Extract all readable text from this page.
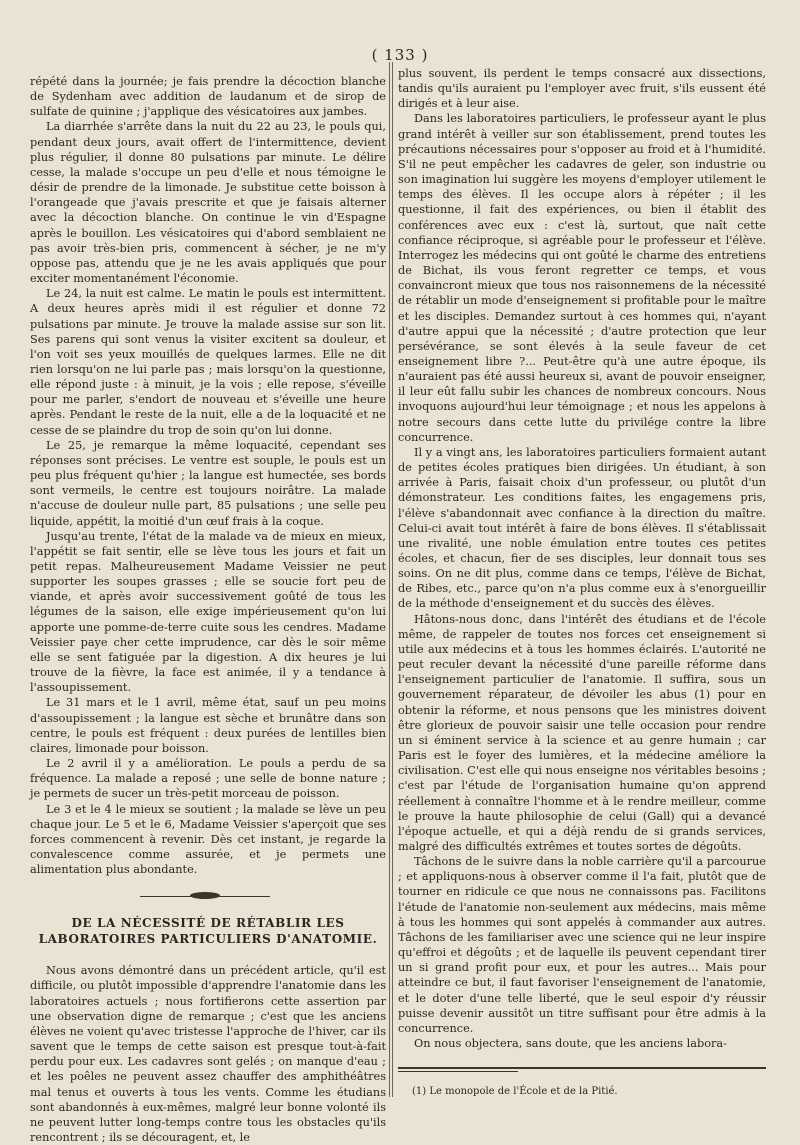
( 133 )

répété dans la journée; je fais prendre la décoction blanche de Sydenham avec addition de laudanum et de sirop de sulfate de quinine ; j'applique des vésicatoires aux jambes.

La diarrhée s'arrête dans la nuit du 22 au 23, le pouls qui, pendant deux jours, avait offert de l'intermittence, devient plus régulier, il donne 80 pulsations par minute. Le délire cesse, la malade s'occupe un peu d'elle et nous témoigne le désir de prendre de la limonade. Je substitue cette boisson à l'orangeade que j'avais prescrite et que je faisais alterner avec la décoction blanche. On continue le vin d'Espagne après le bouillon. Les vésicatoires qui d'abord semblaient ne pas avoir très-bien pris, commencent à sécher, je ne m'y oppose pas, attendu que je ne les avais appliqués que pour exciter momentanément l'économie.

Le 24, la nuit est calme. Le matin le pouls est intermittent. A deux heures après midi il est régulier et donne 72 pulsations par minute. Je trouve la malade assise sur son lit. Ses parens qui sont venus la visiter excitent sa douleur, et l'on voit ses yeux mouillés de quelques larmes. Elle ne dit rien lorsqu'on ne lui parle pas ; mais lorsqu'on la questionne, elle répond juste : à minuit, je la vois ; elle repose, s'éveille pour me parler, s'endort de nouveau et s'éveille une heure après. Pendant le reste de la nuit, elle a de la loquacité et ne cesse de se plaindre du trop de soin qu'on lui donne.

Le 25, je remarque la même loquacité, cependant ses réponses sont précises. Le ventre est souple, le pouls est un peu plus fréquent qu'hier ; la langue est humectée, ses bords sont vermeils, le centre est toujours noirâtre. La malade n'accuse de douleur nulle part, 85 pulsations ; une selle peu liquide, appétit, la moitié d'un œuf frais à la coque.

Jusqu'au trente, l'état de la malade va de mieux en mieux, l'appétit se fait sentir, elle se lève tous les jours et fait un petit repas. Malheureusement Madame Veissier ne peut supporter les soupes grasses ; elle se soucie fort peu de viande, et après avoir successivement goûté de tous les légumes de la saison, elle exige impérieusement qu'on lui apporte une pomme-de-terre cuite sous les cendres. Madame Veissier paye cher cette imprudence, car dès le soir même elle se sent fatiguée par la digestion. A dix heures je lui trouve de la fièvre, la face est animée, il y a tendance à l'assoupissement.

Le 31 mars et le 1 avril, même état, sauf un peu moins d'assoupissement ; la langue est sèche et brunâtre dans son centre, le pouls est fréquent : deux purées de lentilles bien claires, limonade pour boisson.

Le 2 avril il y a amélioration. Le pouls a perdu de sa fréquence. La malade a reposé ; une selle de bonne nature ; je permets de sucer un très-petit morceau de poisson.

Le 3 et le 4 le mieux se soutient ; la malade se lève un peu chaque jour. Le 5 et le 6, Madame Veissier s'aperçoit que ses forces commencent à revenir. Dès cet instant, je regarde la convalescence comme assurée, et je permets une alimentation plus abondante.

DE LA NÉCESSITÉ DE RÉTABLIR LES LABORATOIRES PARTICULIERS D'ANATOMIE.

Nous avons démontré dans un précédent article, qu'il est difficile, ou plutôt impossible d'apprendre l'anatomie dans les laboratoires actuels ; nous fortifierons cette assertion par une observation digne de remarque ; c'est que les anciens élèves ne voient qu'avec tristesse l'approche de l'hiver, car ils savent que le temps de cette saison est presque tout-à-fait perdu pour eux. Les cadavres sont gelés ; on manque d'eau ; et les poêles ne peuvent assez chauffer des amphithéâtres mal tenus et ouverts à tous les vents. Comme les étudians sont abandonnés à eux-mêmes, malgré leur bonne volonté ils ne peuvent lutter long-temps contre tous les obstacles qu'ils rencontrent ; ils se découragent, et, le

plus souvent, ils perdent le temps consacré aux dissections, tandis qu'ils auraient pu l'employer avec fruit, s'ils eussent été dirigés et à leur aise.

Dans les laboratoires particuliers, le professeur ayant le plus grand intérêt à veiller sur son établissement, prend toutes les précautions nécessaires pour s'opposer au froid et à l'humidité. S'il ne peut empêcher les cadavres de geler, son industrie ou son imagination lui suggère les moyens d'employer utilement le temps des élèves. Il les occupe alors à répéter ; il les questionne, il fait des expériences, ou bien il établit des conférences avec eux : c'est là, surtout, que naît cette confiance réciproque, si agréable pour le professeur et l'élève. Interrogez les médecins qui ont goûté le charme des entretiens de Bichat, ils vous feront regretter ce temps, et vous convaincront mieux que tous nos raisonnemens de la nécessité de rétablir un mode d'enseignement si profitable pour le maître et les disciples. Demandez surtout à ces hommes qui, n'ayant d'autre appui que la nécessité ; d'autre protection que leur persévérance, se sont élevés à la seule faveur de cet enseignement libre ?... Peut-être qu'à une autre époque, ils n'auraient pas été aussi heureux si, avant de pouvoir enseigner, il leur eût fallu subir les chances de nombreux concours. Nous invoquons aujourd'hui leur témoignage ; et nous les appelons à notre secours dans cette lutte du privilége contre la libre concurrence.

Il y a vingt ans, les laboratoires particuliers formaient autant de petites écoles pratiques bien dirigées. Un étudiant, à son arrivée à Paris, faisait choix d'un professeur, ou plutôt d'un démonstrateur. Les conditions faites, les engagemens pris, l'élève s'abandonnait avec confiance à la direction du maître. Celui-ci avait tout intérêt à faire de bons élèves. Il s'établissait une rivalité, une noble émulation entre toutes ces petites écoles, et chacun, fier de ses disciples, leur donnait tous ses soins. On ne dit plus, comme dans ce temps, l'élève de Bichat, de Ribes, etc., parce qu'on n'a plus comme eux à s'enorgueillir de la méthode d'enseignement et du succès des élèves.

Hâtons-nous donc, dans l'intérêt des étudians et de l'école même, de rappeler de toutes nos forces cet enseignement si utile aux médecins et à tous les hommes éclairés. L'autorité ne peut reculer devant la nécessité d'une pareille réforme dans l'enseignement particulier de l'anatomie. Il suffira, sous un gouvernement réparateur, de dévoiler les abus (1) pour en obtenir la réforme, et nous pensons que les ministres doivent être glorieux de pouvoir saisir une telle occasion pour rendre un si éminent service à la science et au genre humain ; car Paris est le foyer des lumières, et la médecine améliore la civilisation. C'est elle qui nous enseigne nos véritables besoins ; c'est par l'étude de l'organisation humaine qu'on apprend réellement à connaître l'homme et à le rendre meilleur, comme le prouve la haute philosophie de celui (Gall) qui a devancé l'époque actuelle, et qui a déjà rendu de si grands services, malgré des difficultés extrêmes et toutes sortes de dégoûts.

Tâchons de le suivre dans la noble carrière qu'il a parcourue ; et appliquons-nous à observer comme il l'a fait, plutôt que de tourner en ridicule ce que nous ne connaissons pas. Facilitons l'étude de l'anatomie non-seulement aux médecins, mais même à tous les hommes qui sont appelés à commander aux autres. Tâchons de les familiariser avec une science qui ne leur inspire qu'effroi et dégoûts ; et de laquelle ils peuvent cependant tirer un si grand profit pour eux, et pour les autres... Mais pour atteindre ce but, il faut favoriser l'enseignement de l'anatomie, et le doter d'une telle liberté, que le seul espoir d'y réussir puisse devenir aussitôt un titre suffisant pour être admis à la concurrence.

On nous objectera, sans doute, que les anciens labora-

(1) Le monopole de l'École et de la Pitié.
